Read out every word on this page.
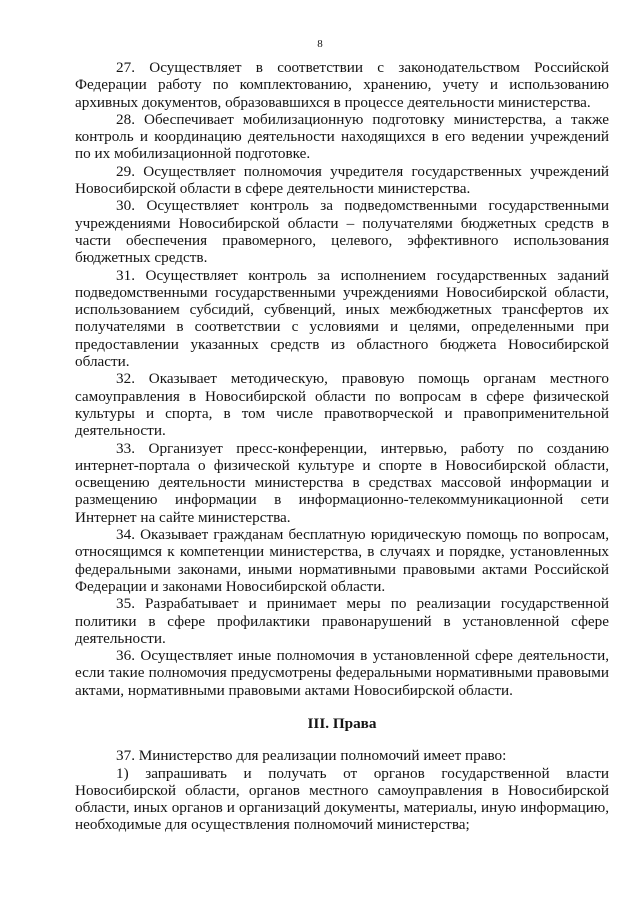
8

27. Осуществляет в соответствии с законодательством Российской Федерации работу по комплектованию, хранению, учету и использованию архивных документов, образовавшихся в процессе деятельности министерства.

28. Обеспечивает мобилизационную подготовку министерства, а также контроль и координацию деятельности находящихся в его ведении учреждений по их мобилизационной подготовке.

29. Осуществляет полномочия учредителя государственных учреждений Новосибирской области в сфере деятельности министерства.

30. Осуществляет контроль за подведомственными государственными учреждениями Новосибирской области – получателями бюджетных средств в части обеспечения правомерного, целевого, эффективного использования бюджетных средств.

31. Осуществляет контроль за исполнением государственных заданий подведомственными государственными учреждениями Новосибирской области, использованием субсидий, субвенций, иных межбюджетных трансфертов их получателями в соответствии с условиями и целями, определенными при предоставлении указанных средств из областного бюджета Новосибирской области.

32. Оказывает методическую, правовую помощь органам местного самоуправления в Новосибирской области по вопросам в сфере физической культуры и спорта, в том числе правотворческой и правоприменительной деятельности.

33. Организует пресс-конференции, интервью, работу по созданию интернет-портала о физической культуре и спорте в Новосибирской области, освещению деятельности министерства в средствах массовой информации и размещению информации в информационно-телекоммуникационной сети Интернет на сайте министерства.

34. Оказывает гражданам бесплатную юридическую помощь по вопросам, относящимся к компетенции министерства, в случаях и порядке, установленных федеральными законами, иными нормативными правовыми актами Российской Федерации и законами Новосибирской области.

35. Разрабатывает и принимает меры по реализации государственной политики в сфере профилактики правонарушений в установленной сфере деятельности.

36. Осуществляет иные полномочия в установленной сфере деятельности, если такие полномочия предусмотрены федеральными нормативными правовыми актами, нормативными правовыми актами Новосибирской области.

III. Права

37. Министерство для реализации полномочий имеет право:

1) запрашивать и получать от органов государственной власти Новосибирской области, органов местного самоуправления в Новосибирской области, иных органов и организаций документы, материалы, иную информацию, необходимые для осуществления полномочий министерства;
